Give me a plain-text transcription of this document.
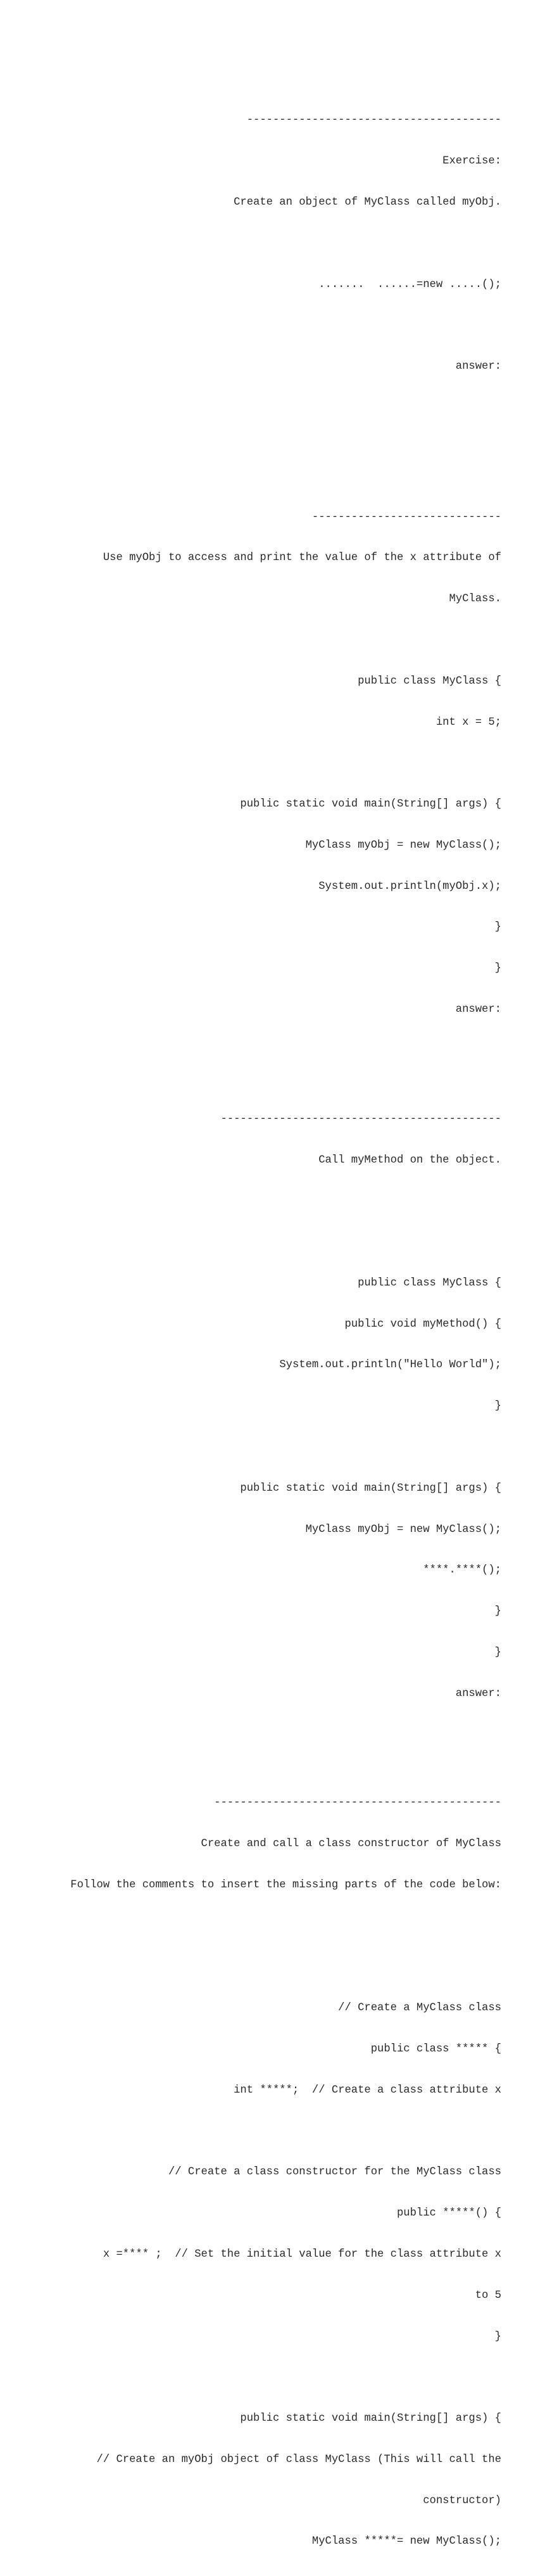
---------------------------------------

Exercise:

Create an object of MyClass called myObj.

.......  ......=new .....();

answer:

-----------------------------

Use myObj to access and print the value of the x attribute of

MyClass.

public class MyClass {

int x = 5;

public static void main(String[] args) {

MyClass myObj = new MyClass();

System.out.println(myObj.x);

}

}

answer:

-------------------------------------------

Call myMethod on the object.

public class MyClass {

public void myMethod() {

System.out.println("Hello World");

}

public static void main(String[] args) {

MyClass myObj = new MyClass();

****.****();

}

}

answer:

--------------------------------------------

Create and call a class constructor of MyClass

Follow the comments to insert the missing parts of the code below:

// Create a MyClass class

public class ***** {

int *****;  // Create a class attribute x

// Create a class constructor for the MyClass class

public *****() {

x =**** ;  // Set the initial value for the class attribute x

to 5

}

public static void main(String[] args) {

// Create an myObj object of class MyClass (This will call the

constructor)

MyClass *****= new MyClass();
